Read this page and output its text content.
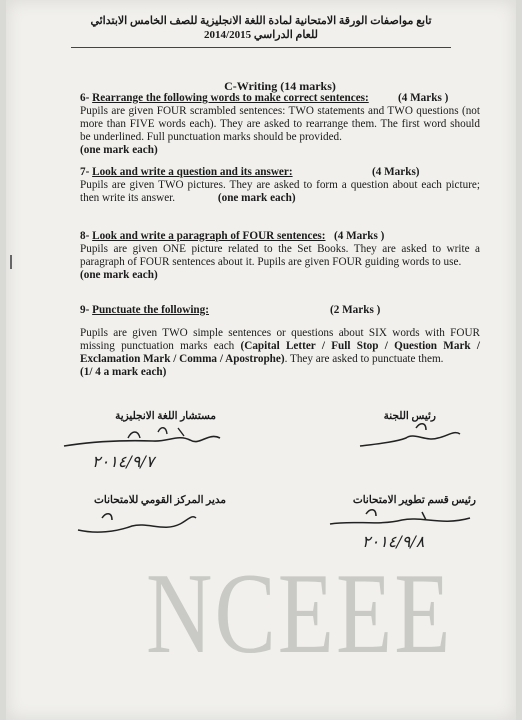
تابع مواصفات الورقة الامتحانية لمادة اللغة الانجليزية للصف الخامس الابتدائي
للعام الدراسي 2014/2015
C-Writing (14 marks)
6- Rearrange the following words to make correct sentences:	(4 Marks )
Pupils are given FOUR scrambled sentences: TWO statements and TWO questions (not more than FIVE words each). They are asked to rearrange them. The first word should be underlined. Full punctuation marks should be provided.
(one mark each)
7- Look and write a question and its answer:	(4 Marks)
Pupils are given TWO pictures. They are asked to form a question about each picture; then write its answer.	(one mark each)
8- Look and write a paragraph of FOUR sentences: (4 Marks )
Pupils are given ONE picture related to the Set Books. They are asked to write a paragraph of FOUR sentences about it. Pupils are given FOUR guiding words to use.
(one mark each)
9- Punctuate the following:	(2 Marks )
Pupils are given TWO simple sentences or questions about SIX words with FOUR missing punctuation marks each (Capital Letter / Full Stop / Question Mark / Exclamation Mark / Comma / Apostrophe). They are asked to punctuate them.
(1/ 4 a mark each)
مستشار اللغة الانجليزية
٢٠١٤/٩/٧
رئيس اللجنة
مدير المركز القومي للامتحانات	رئيس قسم تطوير الامتحانات
٢٠١٤/٩/٨
NCEEE
